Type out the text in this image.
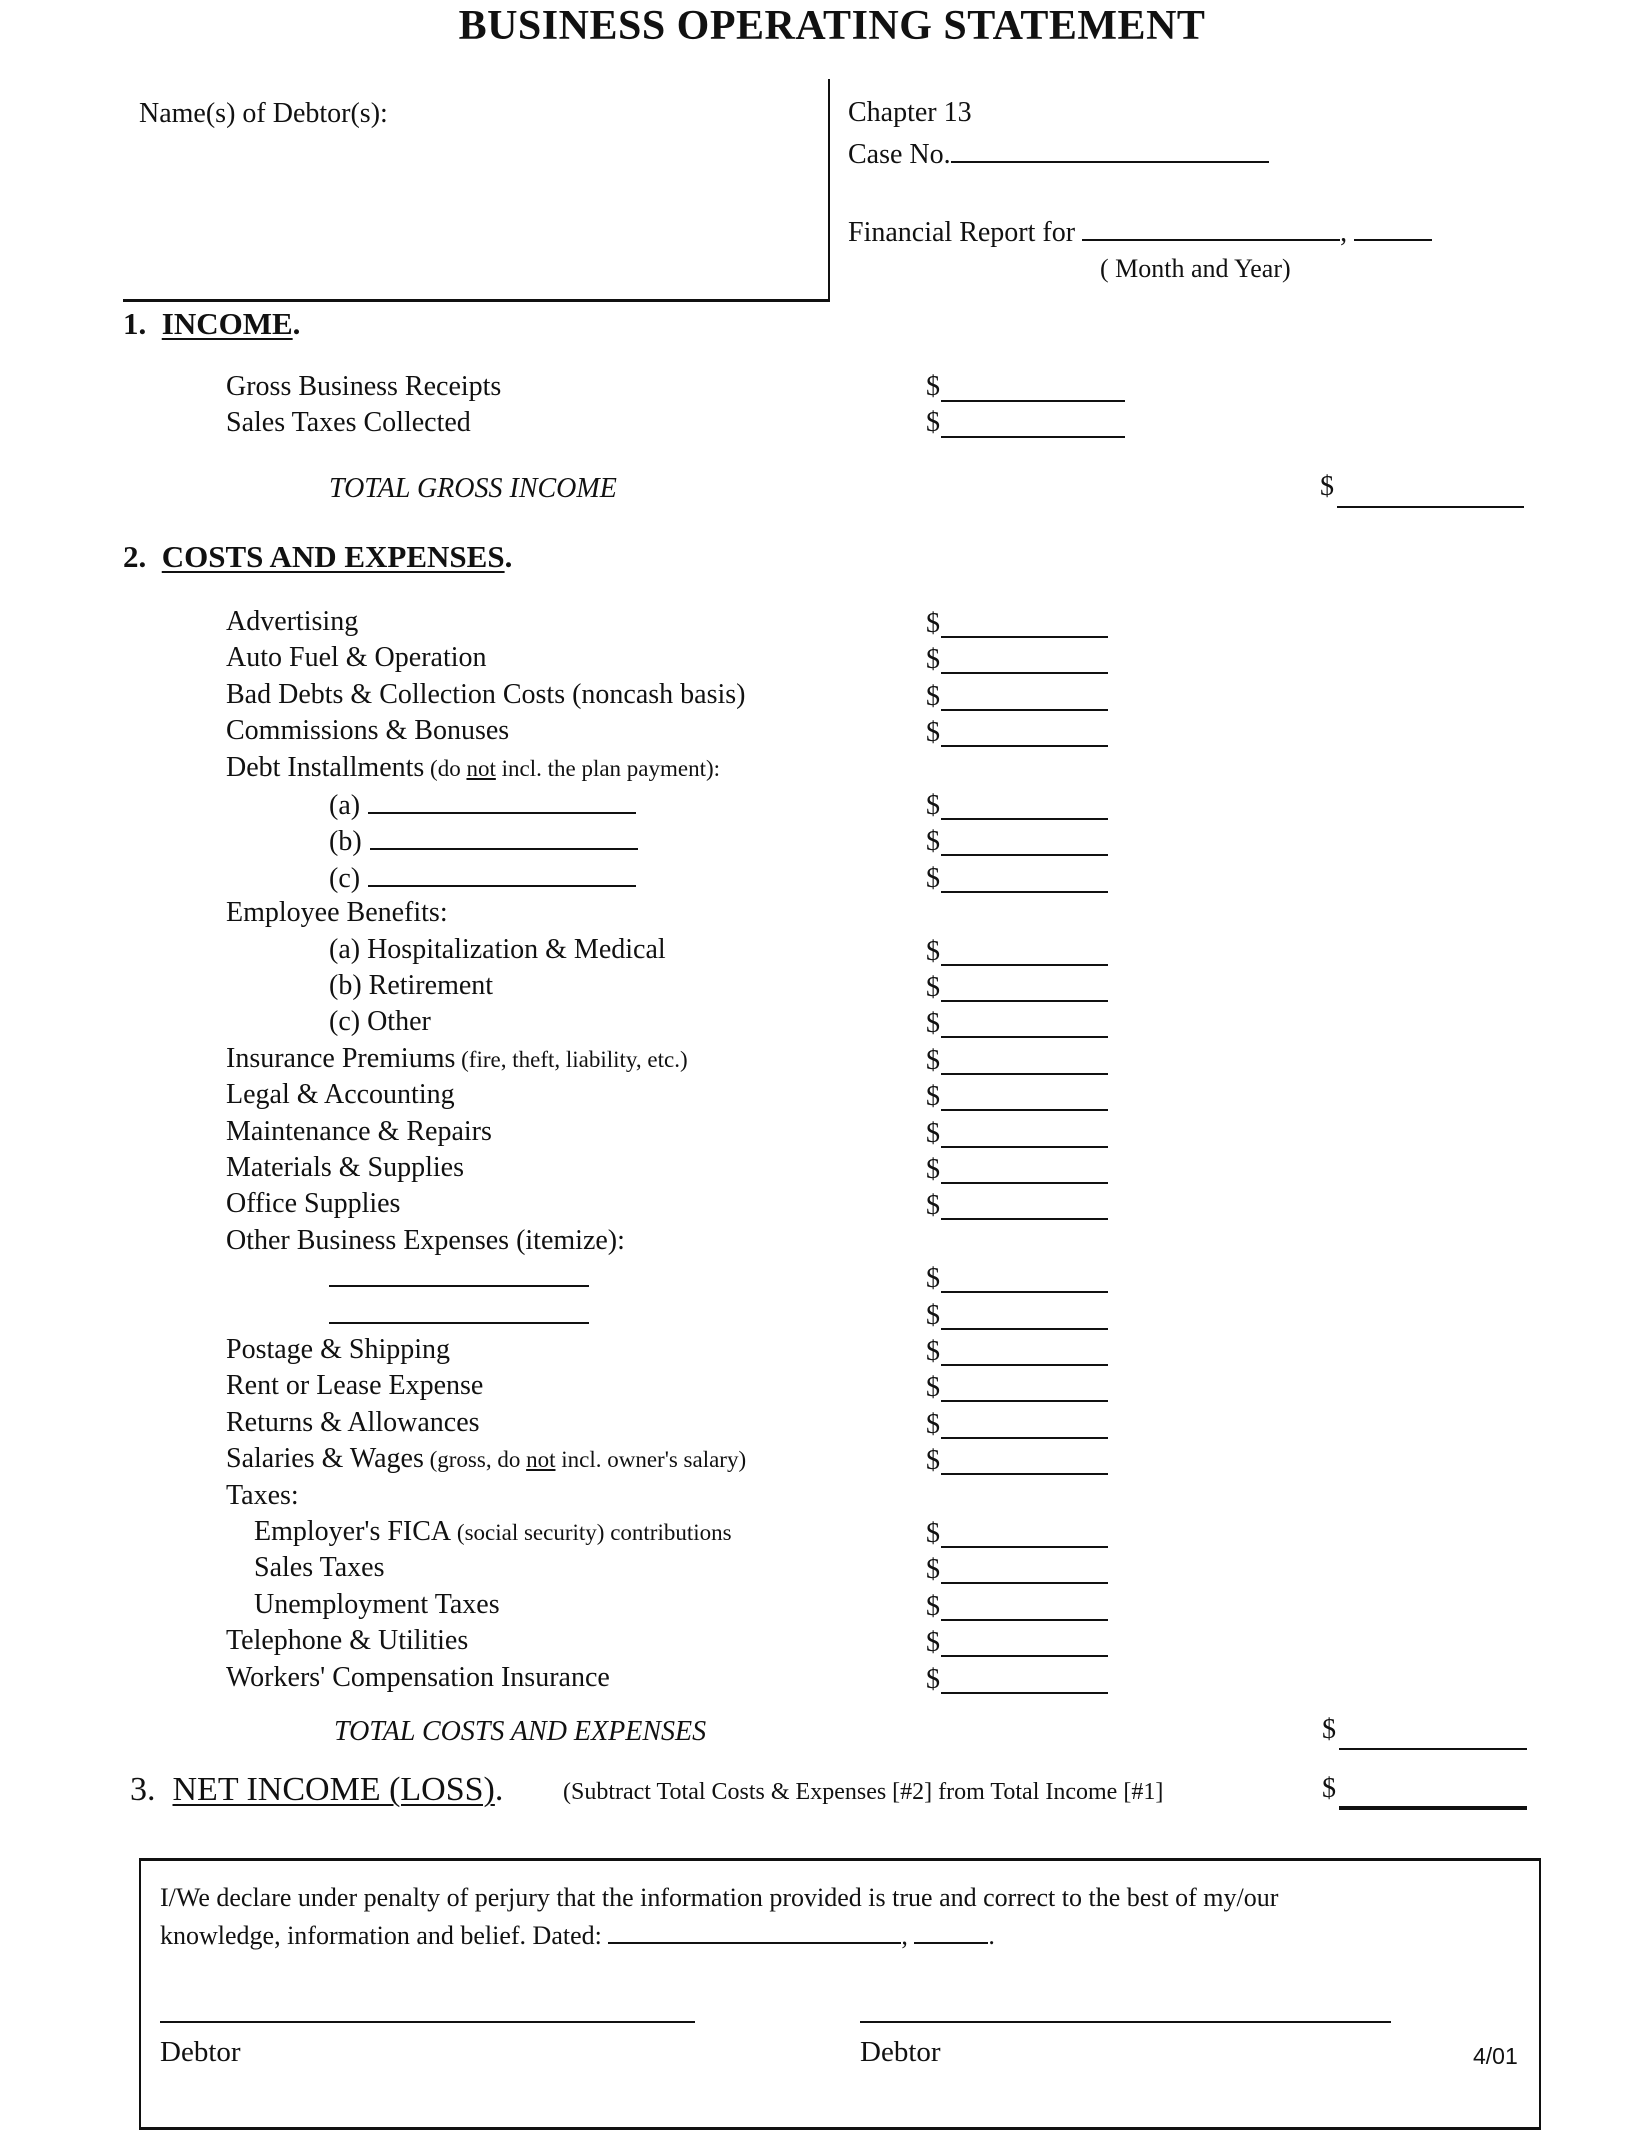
BUSINESS OPERATING STATEMENT
Name(s) of Debtor(s):	Chapter 13
Case No.
Financial Report for	,
( Month and Year)
1. INCOME.
Gross Business Receipts	$
Sales Taxes Collected	$
TOTAL GROSS INCOME	$
2. COSTS AND EXPENSES.
Advertising	$
Auto Fuel & Operation	$
Bad Debts & Collection Costs (noncash basis)	$
Commissions & Bonuses	$
Debt Installments (do not incl. the plan payment):
(a)	$
(b)	$
(c)	$
Employee Benefits:
(a) Hospitalization & Medical	$
(b) Retirement	$
(c) Other	$
Insurance Premiums (fire, theft, liability, etc.)	$
Legal & Accounting	$
Maintenance & Repairs	$
Materials & Supplies	$
Office Supplies	$
Other Business Expenses (itemize):
$
$
Postage & Shipping	$
Rent or Lease Expense	$
Returns & Allowances	$
Salaries & Wages (gross, do not incl. owner's salary)	$
Taxes:
Employer's FICA (social security) contributions	$
Sales Taxes	$
Unemployment Taxes	$
Telephone & Utilities	$
Workers' Compensation Insurance	$
TOTAL COSTS AND EXPENSES	$
3. NET INCOME (LOSS). (Subtract Total Costs & Expenses [#2] from Total Income [#1]	$
I/We declare under penalty of perjury that the information provided is true and correct to the best of my/our
knowledge, information and belief. Dated:	,	.
Debtor	Debtor	4/01
